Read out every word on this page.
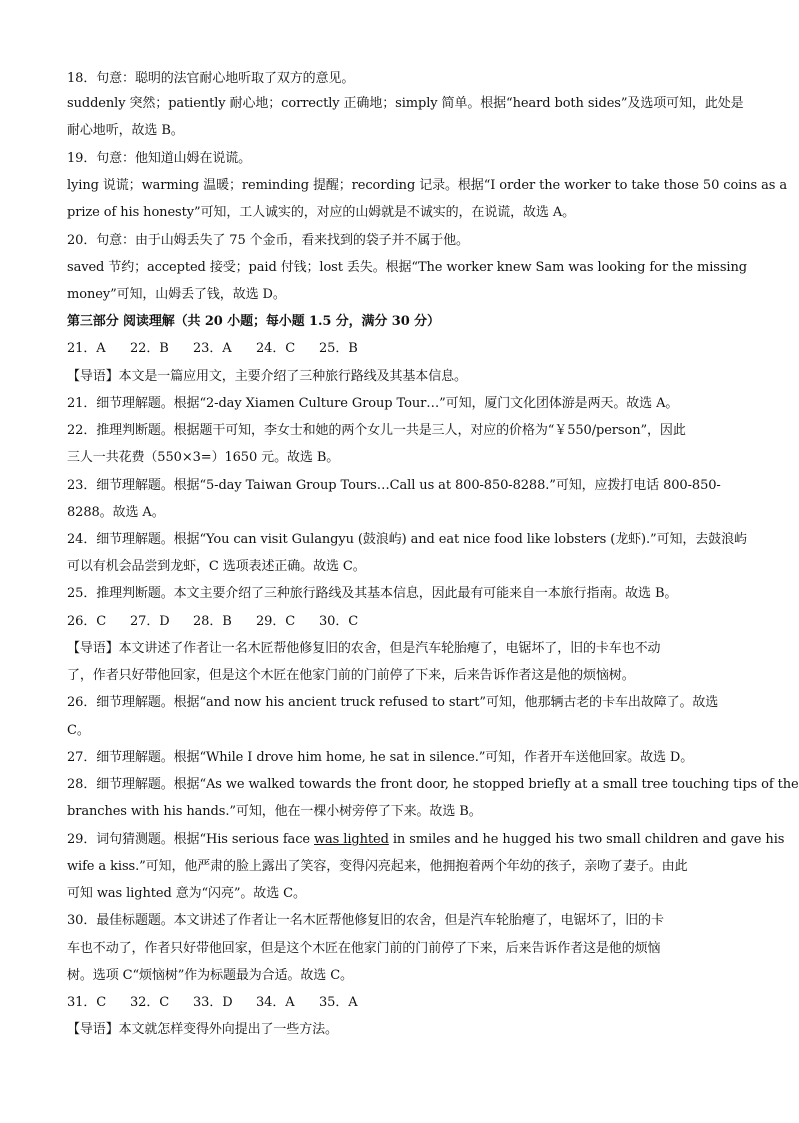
18．句意：聪明的法官耐心地听取了双方的意见。
suddenly 突然；patiently 耐心地；correctly 正确地；simply 简单。根据“heard both sides”及选项可知，此处是
耐心地听，故选 B。
19．句意：他知道山姆在说谎。
lying 说谎；warming 温暖；reminding 提醒；recording 记录。根据“I order the worker to take those 50 coins as a
prize of his honesty”可知，工人诚实的，对应的山姆就是不诚实的，在说谎，故选 A。
20．句意：由于山姆丢失了 75 个金币，看来找到的袋子并不属于他。
saved 节约；accepted 接受；paid 付钱；lost 丢失。根据“The worker knew Sam was looking for the missing
money”可知，山姆丢了钱，故选 D。
第三部分 阅读理解（共 20 小题；每小题 1.5 分，满分 30 分）
21．A 22．B 23．A 24．C 25．B
【导语】本文是一篇应用文，主要介绍了三种旅行路线及其基本信息。
21．细节理解题。根据“2-day Xiamen Culture Group Tour…”可知，厦门文化团体游是两天。故选 A。
22．推理判断题。根据题干可知，李女士和她的两个女儿一共是三人，对应的价格为“￥550/person”，因此
三人一共花费（550×3=）1650 元。故选 B。
23．细节理解题。根据“5-day Taiwan Group Tours…Call us at 800-850-8288.”可知，应拨打电话 800-850-
8288。故选 A。
24．细节理解题。根据“You can visit Gulangyu (鼓浪屿) and eat nice food like lobsters (龙虾).”可知，去鼓浪屿
可以有机会品尝到龙虾，C 选项表述正确。故选 C。
25．推理判断题。本文主要介绍了三种旅行路线及其基本信息，因此最有可能来自一本旅行指南。故选 B。
26．C 27．D 28．B 29．C 30．C
【导语】本文讲述了作者让一名木匠帮他修复旧的农舍，但是汽车轮胎瘪了，电锯坏了，旧的卡车也不动
了，作者只好带他回家，但是这个木匠在他家门前的门前停了下来，后来告诉作者这是他的烦恼树。
26．细节理解题。根据“and now his ancient truck refused to start”可知，他那辆古老的卡车出故障了。故选
C。
27．细节理解题。根据“While I drove him home, he sat in silence.”可知，作者开车送他回家。故选 D。
28．细节理解题。根据“As we walked towards the front door, he stopped briefly at a small tree touching tips of the
branches with his hands.”可知，他在一棵小树旁停了下来。故选 B。
29．词句猜测题。根据“His serious face was lighted in smiles and he hugged his two small children and gave his
wife a kiss.”可知，他严肃的脸上露出了笑容，变得闪亮起来，他拥抱着两个年幼的孩子，亲吻了妻子。由此
可知 was lighted 意为“闪亮”。故选 C。
30．最佳标题题。本文讲述了作者让一名木匠帮他修复旧的农舍，但是汽车轮胎瘪了，电锯坏了，旧的卡
车也不动了，作者只好带他回家，但是这个木匠在他家门前的门前停了下来，后来告诉作者这是他的烦恼
树。选项 C“烦恼树”作为标题最为合适。故选 C。
31．C 32．C 33．D 34．A 35．A
【导语】本文就怎样变得外向提出了一些方法。
